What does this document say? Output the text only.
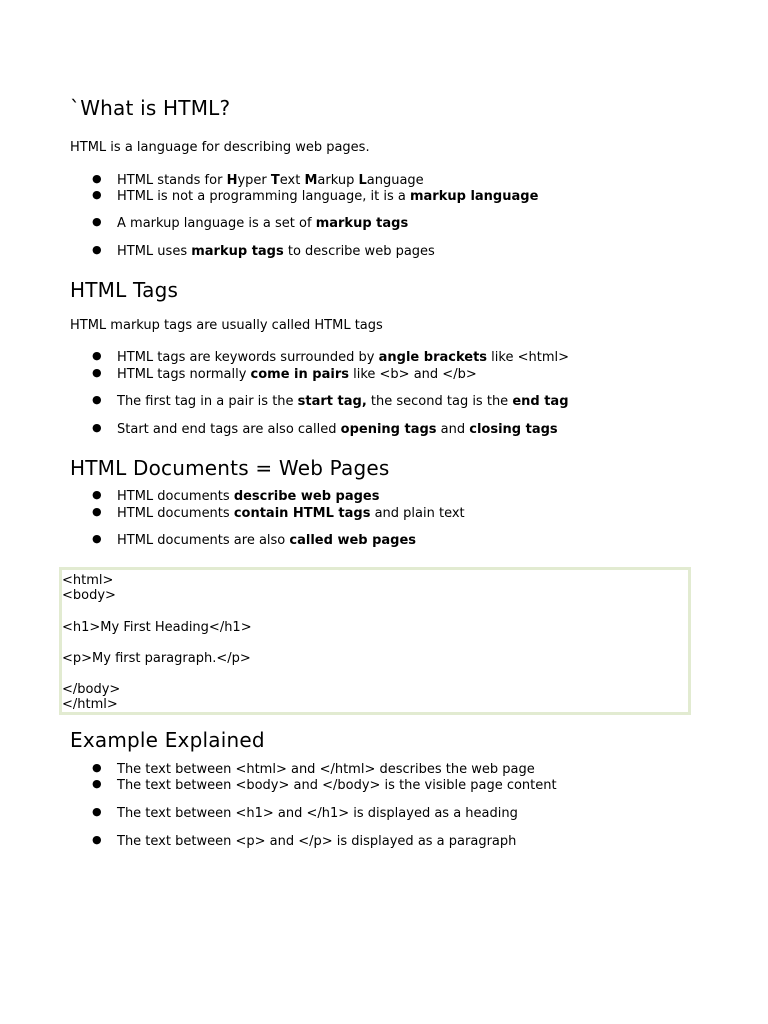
`What is HTML?

HTML is a language for describing web pages.

● HTML stands for Hyper Text Markup Language
● HTML is not a programming language, it is a markup language
● A markup language is a set of markup tags
● HTML uses markup tags to describe web pages
HTML Tags

HTML markup tags are usually called HTML tags

● HTML tags are keywords surrounded by angle brackets like <html>
● HTML tags normally come in pairs like <b> and </b>
● The first tag in a pair is the start tag, the second tag is the end tag
● Start and end tags are also called opening tags and closing tags
HTML Documents = Web Pages
● HTML documents describe web pages
● HTML documents contain HTML tags and plain text
● HTML documents are also called web pages
<html>
<body>
<h1>My First Heading</h1>
<p>My first paragraph.</p>
</body>
</html>
Example Explained
● The text between <html> and </html> describes the web page
● The text between <body> and </body> is the visible page content
● The text between <h1> and </h1> is displayed as a heading
● The text between <p> and </p> is displayed as a paragraph
